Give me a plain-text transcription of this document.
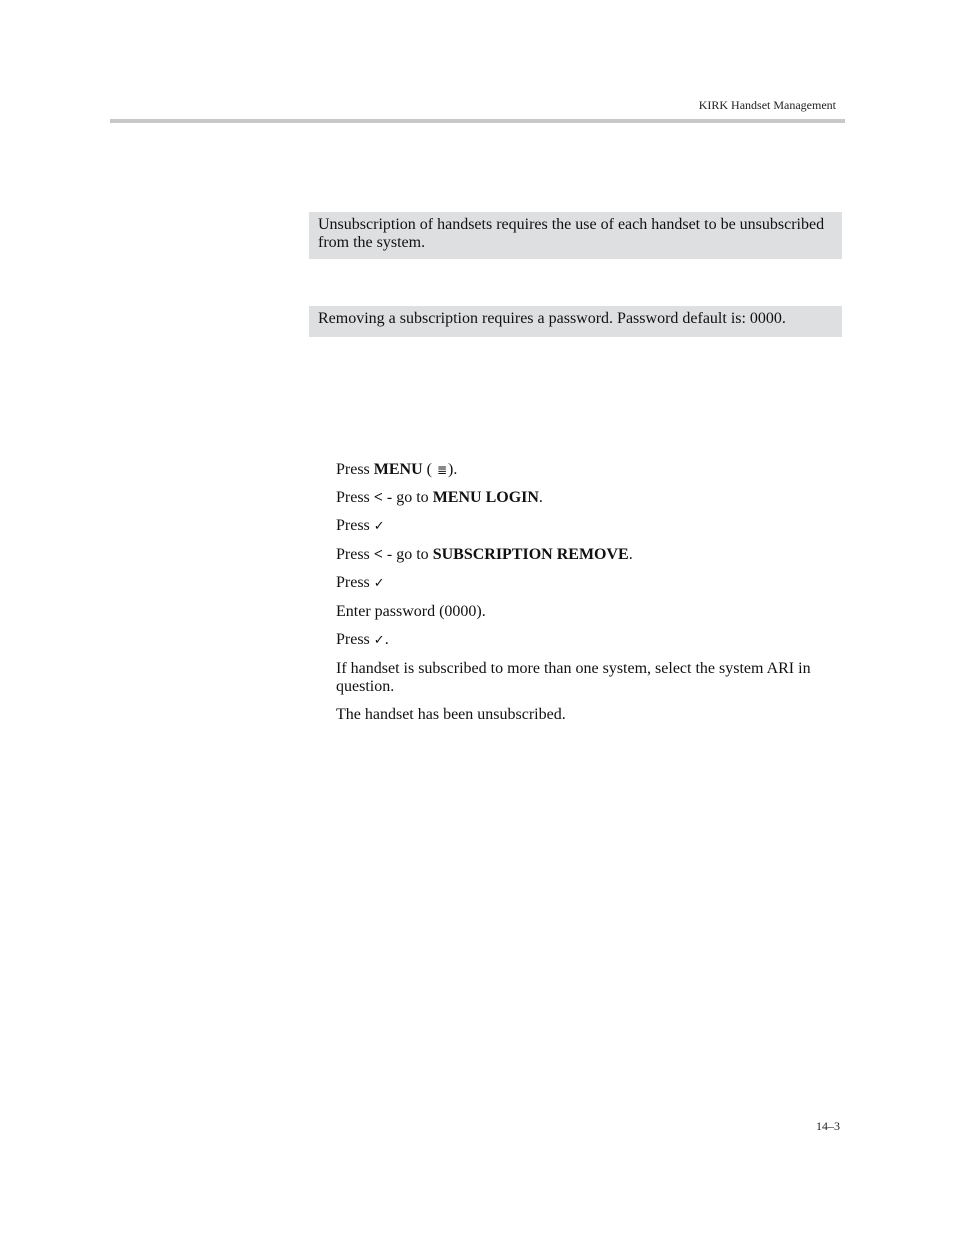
KIRK Handset Management
Unsubscription of handsets requires the use of each handset to be unsubscribed from the system.
Removing a subscription requires a password. Password default is: 0000.
Press MENU ( ≣).
Press < - go to MENU LOGIN.
Press ✓
Press < - go to SUBSCRIPTION REMOVE.
Press ✓
Enter password (0000).
Press ✓.
If handset is subscribed to more than one system, select the system ARI in question.
The handset has been unsubscribed.
14–3
